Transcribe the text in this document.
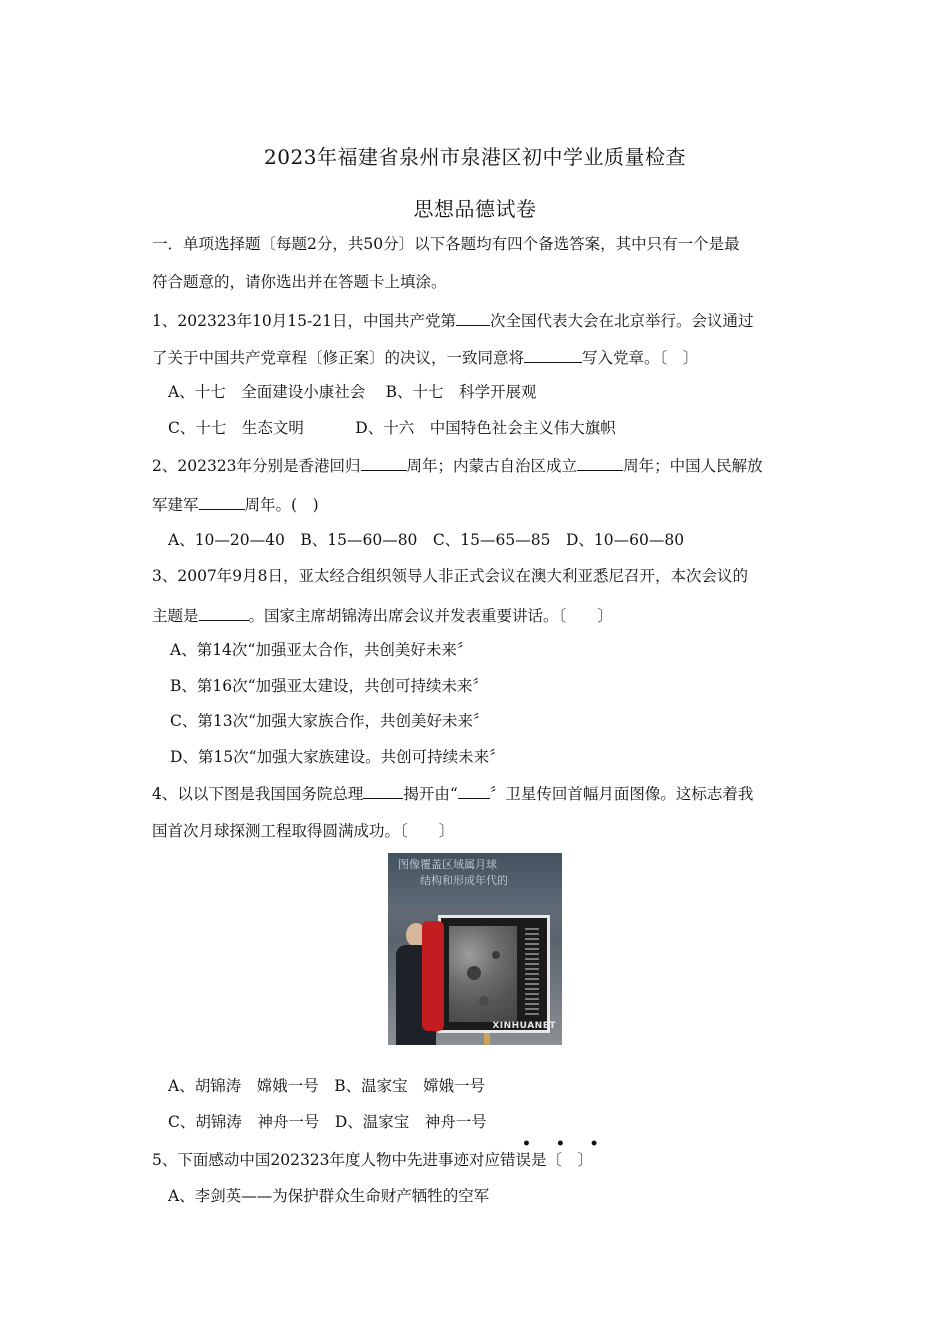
2023年福建省泉州市泉港区初中学业质量检查
思想品德试卷
一．单项选择题〔每题2分，共50分〕以下各题均有四个备选答案，其中只有一个是最
符合题意的，请你选出并在答题卡上填涂。
1、202323年10月15-21日，中国共产党第 次全国代表大会在北京举行。会议通过
了关于中国共产党章程〔修正案〕的决议，一致同意将	写入党章。〔　〕
A、十七　全面建设小康社会　 B、十七　科学开展观
C、十七　生态文明　　　 D、十六　中国特色社会主义伟大旗帜
2、202323年分别是香港回归	周年；内蒙古自治区成立	周年；中国人民解放
军建军	周年。(　)
A、10—20—40　B、15—60—80　C、15—65—85　D、10—60—80
3、2007年9月8日，亚太经合组织领导人非正式会议在澳大利亚悉尼召开，本次会议的
主题是	。国家主席胡锦涛出席会议并发表重要讲话。〔　　〕
A、第14次“加强亚太合作，共创美好未来〞
B、第16次“加强亚太建设，共创可持续未来〞
C、第13次“加强大家族合作，共创美好未来〞
D、第15次“加强大家族建设。共创可持续未来〞
4、以以下图是我国国务院总理	揭开由“ 〞卫星传回首幅月面图像。这标志着我
国首次月球探测工程取得圆满成功。〔　　〕
图像覆盖区域属月球
结构和形成年代的
XINHUANET
A、胡锦涛　嫦娥一号　B、温家宝　嫦娥一号
C、胡锦涛　神舟一号　D、温家宝　神舟一号
• • •
5、下面感动中国202323年度人物中先进事迹对应错误是〔　〕
A、李剑英——为保护群众生命财产牺牲的空军
